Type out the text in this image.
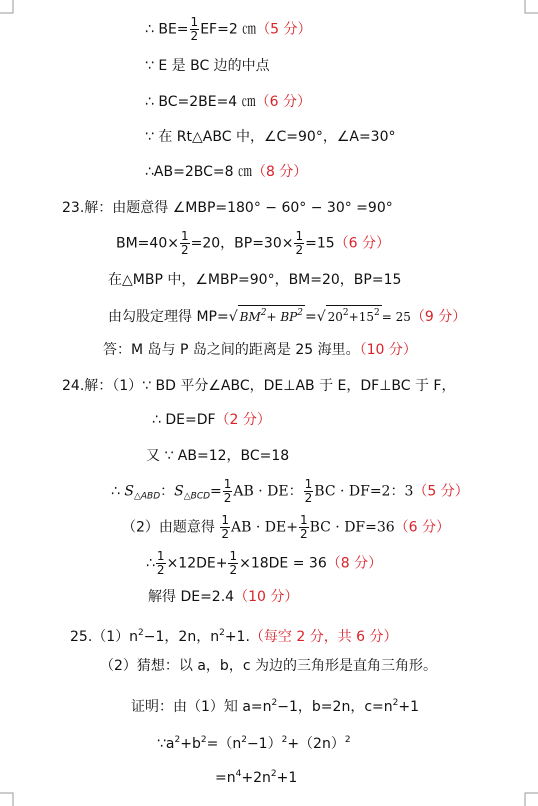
∴ $BE= \frac{1}{2} EF=2$ ㎝（5 分）
∵ E 是 BC 边的中点
∴ BC=2BE=4 ㎝（6 分）
∵ 在 Rt△ABC 中，∠C=90°，∠A=30°
∴AB=2BC=8 ㎝（8 分）
23.解：由题意得 ∠MBP=180° − 60° − 30° =90°
$BM=40\times \frac{1}{2} =20$，$BP=30\times \frac{1}{2} =15(6$ 分）
在△MBP 中，∠MBP=90°，BM=20，BP=15
由勾股定理得 MP=√ $BM^2+ BP^2$ =√ $20^2+15^2 = 25(9$ 分）
答：M 岛与 P 岛之间的距离是 25 海里。（10 分）
24.解：（1）∵ BD 平分∠ABC，DE⊥AB 于 E，DF⊥BC 于 F，
∴ DE=DF（2 分）
又 ∵ AB=12，BC=18
∴ $S_{\triangle ABD}$：$S_{\triangle BCD}= \frac{1}{2}$ AB · DE： $\frac{1}{2}$ BC · DF=2：3（5 分）
（2）由题意得 $\frac{1}{2}$ AB · $DE+ \frac{1}{2}$ BC · DF=36（6 分）
∴ $\frac{1}{2} \times 12DE+ \frac{1}{2} \times 18DE = 36(8$ 分）
解得 DE=2.4（10 分）
$25.(1)n^2-1$，2n，$n^2+1$.（每空 2 分，共 6 分）
（2）猜想：以 a，b，c 为边的三角形是直角三角形。
证明：由（1）知 $a=n^2-1$，b=2n，$c=n^2+1$
$\because a^2+b^2=(n^2-1)^2+(2n)^2$
$=n^4+2n^2+1$
